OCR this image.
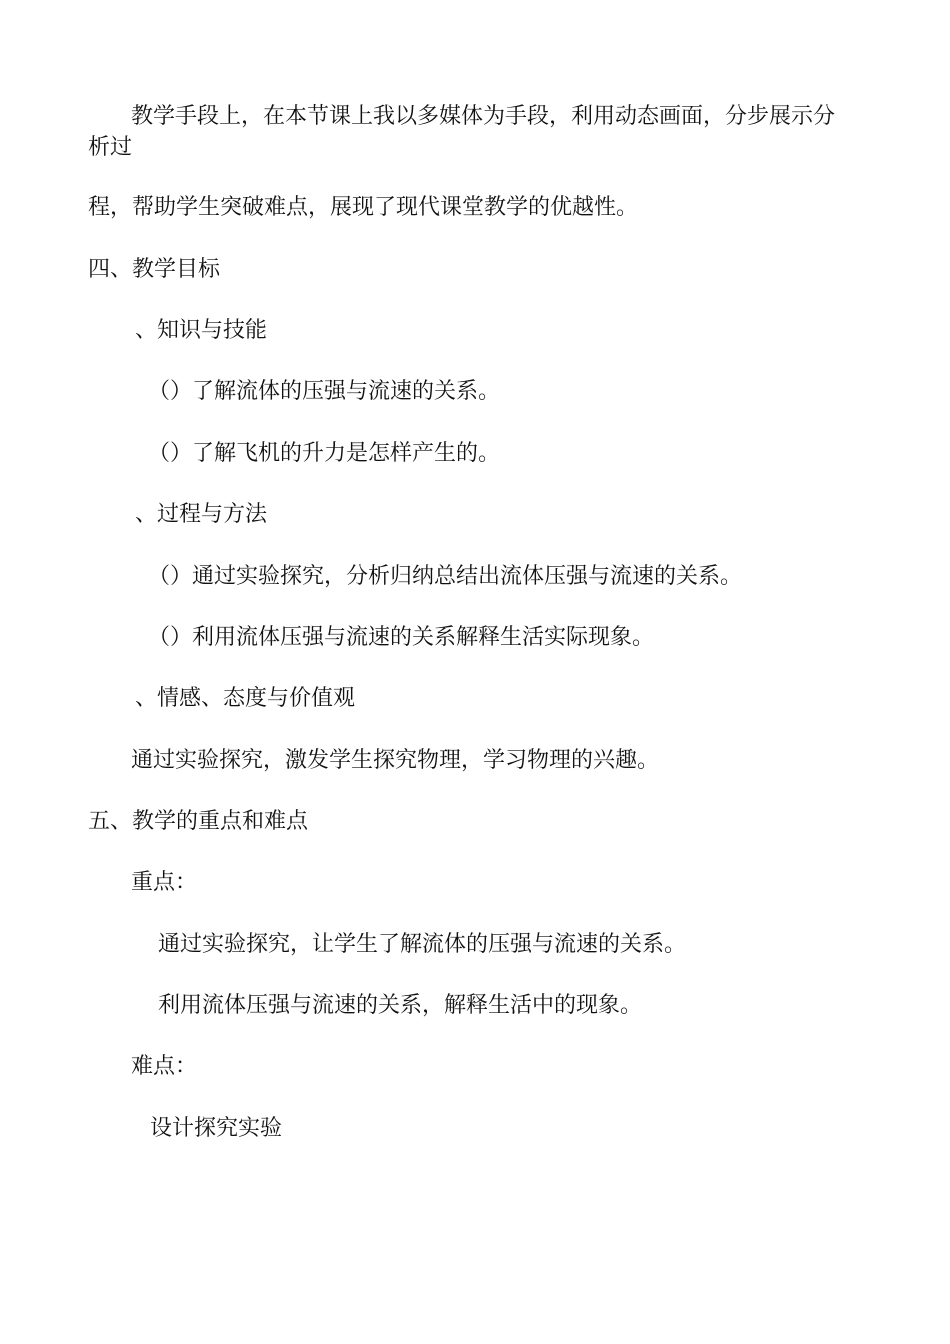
教学手段上，在本节课上我以多媒体为手段，利用动态画面，分步展示分
析过
程，帮助学生突破难点，展现了现代课堂教学的优越性。
四、教学目标
、知识与技能
（）了解流体的压强与流速的关系。
（）了解飞机的升力是怎样产生的。
、过程与方法
（）通过实验探究，分析归纳总结出流体压强与流速的关系。
（）利用流体压强与流速的关系解释生活实际现象。
、情感、态度与价值观
通过实验探究，激发学生探究物理，学习物理的兴趣。
五、教学的重点和难点
重点：
通过实验探究，让学生了解流体的压强与流速的关系。
利用流体压强与流速的关系，解释生活中的现象。
难点：
设计探究实验
